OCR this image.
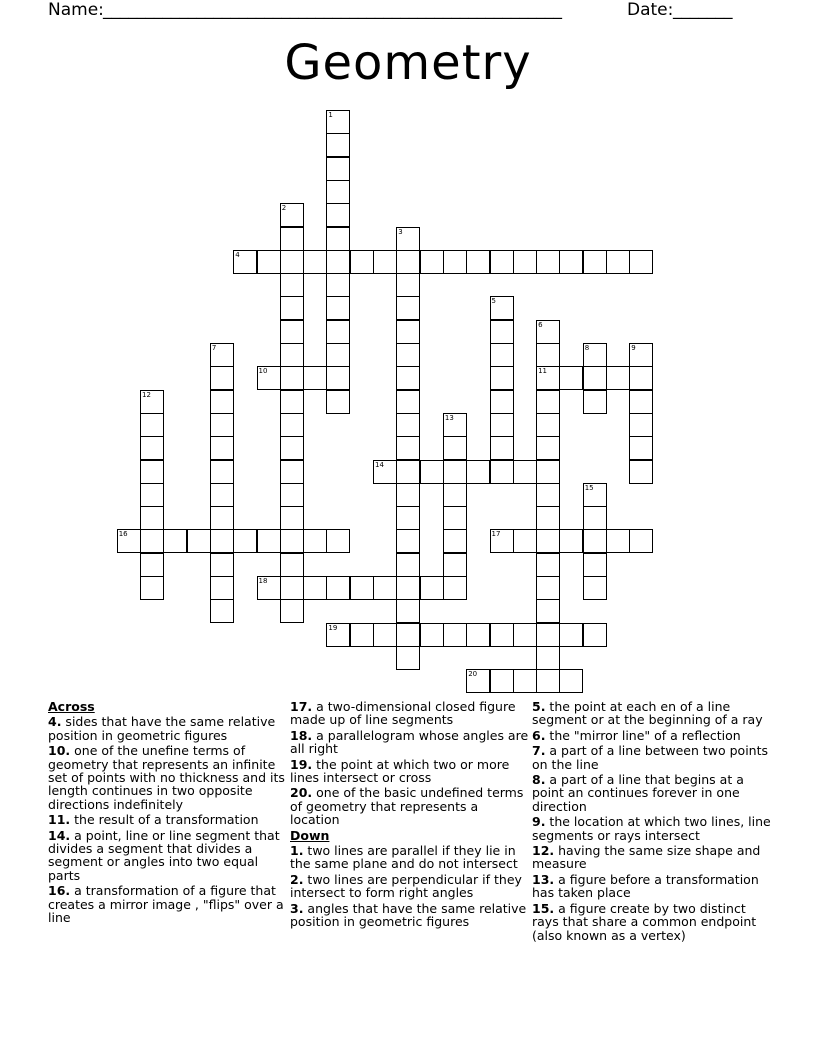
Name: ______________________________________________________	Date: _______
Geometry
1
2
3
4
5
6
11
7	8	9
10
12
13
14
15
16	17
18
19
20
Across
4. sides that have the same relative position in geometric figures
10. one of the unefine terms of geometry that represents an infinite set of points with no thickness and its length continues in two opposite directions indefinitely
11. the result of a transformation
14. a point, line or line segment that divides a segment that divides a segment or angles into two equal parts
16. a transformation of a figure that creates a mirror image , "flips" over a line
17. a two-dimensional closed figure made up of line segments
18. a parallelogram whose angles are all right
19. the point at which two or more lines intersect or cross
20. one of the basic undefined terms of geometry that represents a location
Down
1. two lines are parallel if they lie in the same plane and do not intersect
2. two lines are perpendicular if they intersect to form right angles
3. angles that have the same relative position in geometric figures
5. the point at each en of a line segment or at the beginning of a ray
6. the "mirror line" of a reflection
7. a part of a line between two points on the line
8. a part of a line that begins at a point an continues forever in one direction
9. the location at which two lines, line segments or rays intersect
12. having the same size shape and measure
13. a figure before a transformation has taken place
15. a figure create by two distinct rays that share a common endpoint (also known as a vertex)
